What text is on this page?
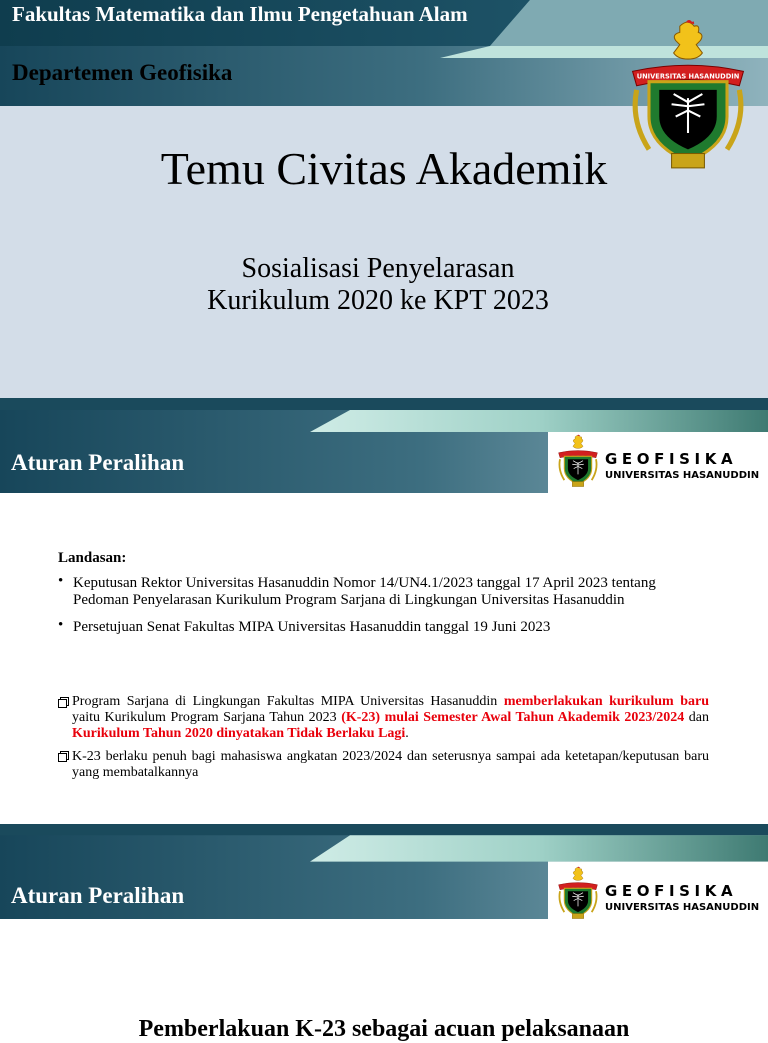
Fakultas Matematika dan Ilmu Pengetahuan Alam
Departemen Geofisika	UNIVERSITAS HASANUDDIN
Temu Civitas Akademik
Sosialisasi Penyelarasan
Kurikulum 2020 ke KPT 2023
Aturan Peralihan	GEOFISIKA
UNIVERSITAS HASANUDDIN
Landasan:
• Keputusan Rektor Universitas Hasanuddin Nomor 14/UN4.1/2023 tanggal 17 April 2023 tentang
Pedoman Penyelarasan Kurikulum Program Sarjana di Lingkungan Universitas Hasanuddin
• Persetujuan Senat Fakultas MIPA Universitas Hasanuddin tanggal 19 Juni 2023
Program Sarjana di Lingkungan Fakultas MIPA Universitas Hasanuddin memberlakukan kurikulum baru yaitu Kurikulum Program Sarjana Tahun 2023 (K-23) mulai Semester Awal Tahun Akademik 2023/2024 dan Kurikulum Tahun 2020 dinyatakan Tidak Berlaku Lagi.
K-23 berlaku penuh bagi mahasiswa angkatan 2023/2024 dan seterusnya sampai ada ketetapan/keputusan baru yang membatalkannya
Aturan Peralihan	GEOFISIKA
UNIVERSITAS HASANUDDIN
Pemberlakuan K-23 sebagai acuan pelaksanaan
